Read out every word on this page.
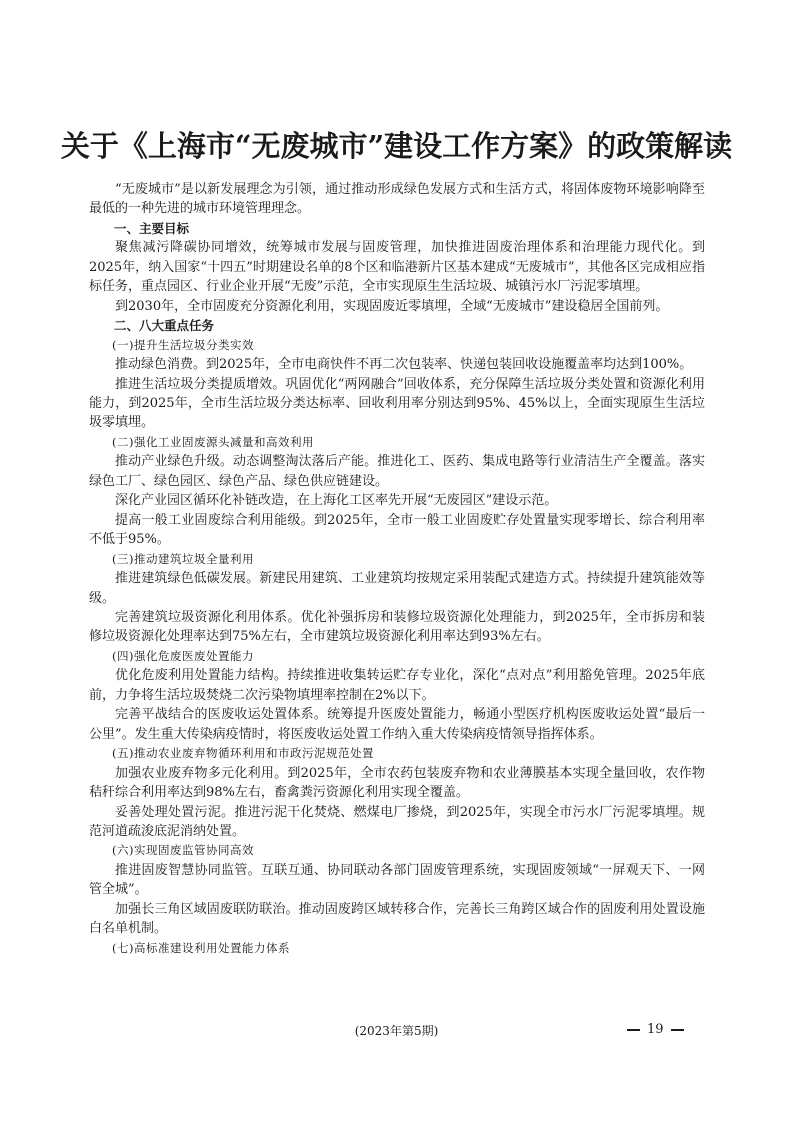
关于《上海市“无废城市”建设工作方案》的政策解读

“无废城市”是以新发展理念为引领，通过推动形成绿色发展方式和生活方式，将固体废物环境影响降至最低的一种先进的城市环境管理理念。

一、主要目标

聚焦减污降碳协同增效，统筹城市发展与固废管理，加快推进固废治理体系和治理能力现代化。到2025年，纳入国家“十四五”时期建设名单的8个区和临港新片区基本建成“无废城市”，其他各区完成相应指标任务，重点园区、行业企业开展“无废”示范，全市实现原生生活垃圾、城镇污水厂污泥零填埋。

到2030年，全市固废充分资源化利用，实现固废近零填埋，全域“无废城市”建设稳居全国前列。

二、八大重点任务

(一)提升生活垃圾分类实效

推动绿色消费。到2025年，全市电商快件不再二次包装率、快递包装回收设施覆盖率均达到100%。

推进生活垃圾分类提质增效。巩固优化“两网融合”回收体系，充分保障生活垃圾分类处置和资源化利用能力，到2025年，全市生活垃圾分类达标率、回收利用率分别达到95%、45%以上，全面实现原生生活垃圾零填埋。

(二)强化工业固废源头减量和高效利用

推动产业绿色升级。动态调整淘汰落后产能。推进化工、医药、集成电路等行业清洁生产全覆盖。落实绿色工厂、绿色园区、绿色产品、绿色供应链建设。

深化产业园区循环化补链改造，在上海化工区率先开展“无废园区”建设示范。

提高一般工业固废综合利用能级。到2025年，全市一般工业固废贮存处置量实现零增长、综合利用率不低于95%。

(三)推动建筑垃圾全量利用

推进建筑绿色低碳发展。新建民用建筑、工业建筑均按规定采用装配式建造方式。持续提升建筑能效等级。

完善建筑垃圾资源化利用体系。优化补强拆房和装修垃圾资源化处理能力，到2025年，全市拆房和装修垃圾资源化处理率达到75%左右，全市建筑垃圾资源化利用率达到93%左右。

(四)强化危废医废处置能力

优化危废利用处置能力结构。持续推进收集转运贮存专业化，深化“点对点”利用豁免管理。2025年底前，力争将生活垃圾焚烧二次污染物填埋率控制在2%以下。

完善平战结合的医废收运处置体系。统筹提升医废处置能力，畅通小型医疗机构医废收运处置“最后一公里”。发生重大传染病疫情时，将医废收运处置工作纳入重大传染病疫情领导指挥体系。

(五)推动农业废弃物循环利用和市政污泥规范处置

加强农业废弃物多元化利用。到2025年，全市农药包装废弃物和农业薄膜基本实现全量回收，农作物秸秆综合利用率达到98%左右，畜禽粪污资源化利用实现全覆盖。

妥善处理处置污泥。推进污泥干化焚烧、燃煤电厂掺烧，到2025年，实现全市污水厂污泥零填埋。规范河道疏浚底泥消纳处置。

(六)实现固废监管协同高效

推进固废智慧协同监管。互联互通、协同联动各部门固废管理系统，实现固废领域“一屏观天下、一网管全城”。

加强长三角区域固废联防联治。推动固废跨区域转移合作，完善长三角跨区域合作的固废利用处置设施白名单机制。

(七)高标准建设利用处置能力体系

(2023年第5期)	19
